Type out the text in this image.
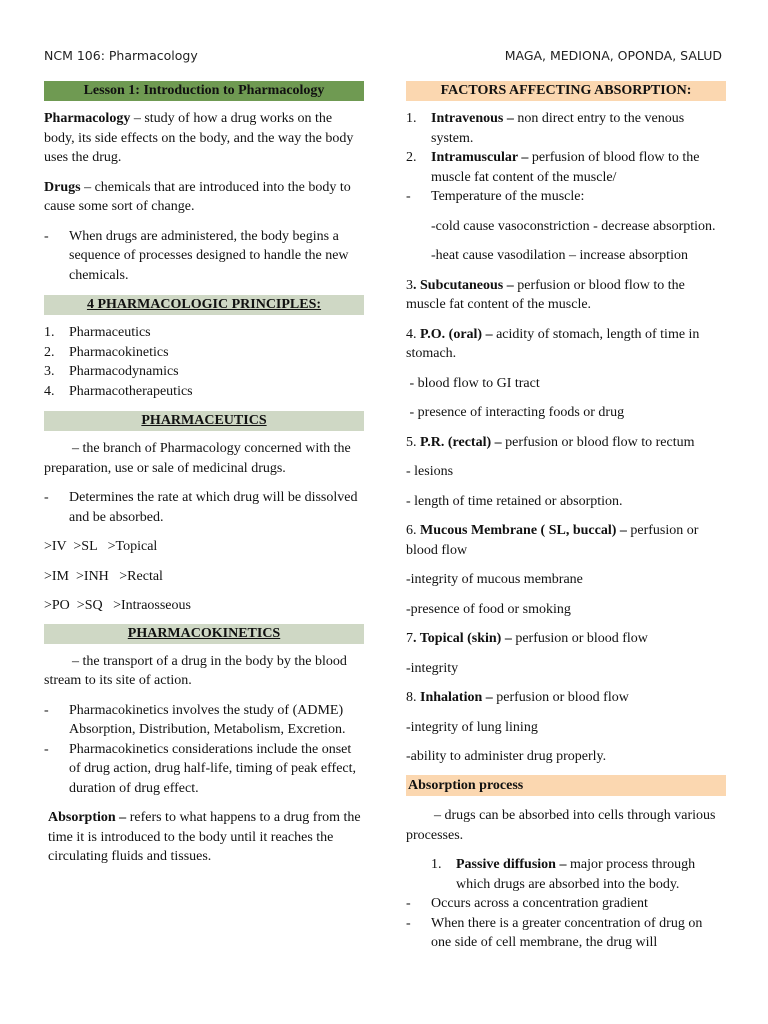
NCM 106: Pharmacology	MAGA, MEDIONA, OPONDA, SALUD
Lesson 1: Introduction to Pharmacology

Pharmacology – study of how a drug works on the body, its side effects on the body, and the way the body uses the drug.

Drugs – chemicals that are introduced into the body to cause some sort of change.

- When drugs are administered, the body begins a sequence of processes designed to handle the new chemicals.
4 PHARMACOLOGIC PRINCIPLES:
1. Pharmaceutics
2. Pharmacokinetics
3. Pharmacodynamics
4. Pharmacotherapeutics
PHARMACEUTICS

– the branch of Pharmacology concerned with the preparation, use or sale of medicinal drugs.

- Determines the rate at which drug will be dissolved and be absorbed.

>IV  >SL   >Topical

>IM  >INH   >Rectal

>PO  >SQ   >Intraosseous

PHARMACOKINETICS

– the transport of a drug in the body by the blood stream to its site of action.

- Pharmacokinetics involves the study of (ADME) Absorption, Distribution, Metabolism, Excretion.
- Pharmacokinetics considerations include the onset of drug action, drug half-life, timing of peak effect, duration of drug effect.

Absorption – refers to what happens to a drug from the time it is introduced to the body until it reaches the circulating fluids and tissues.

FACTORS AFFECTING ABSORPTION:
1. Intravenous – non direct entry to the venous system.
2. Intramuscular – perfusion of blood flow to the muscle fat content of the muscle/
- Temperature of the muscle:

-cold cause vasoconstriction - decrease absorption.

-heat cause vasodilation – increase absorption

3. Subcutaneous – perfusion or blood flow to the muscle fat content of the muscle.

4. P.O. (oral) – acidity of stomach, length of time in stomach.

- blood flow to GI tract

- presence of interacting foods or drug

5. P.R. (rectal) – perfusion or blood flow to rectum

- lesions

- length of time retained or absorption.

6. Mucous Membrane ( SL, buccal) – perfusion or blood flow

-integrity of mucous membrane

-presence of food or smoking

7. Topical (skin) – perfusion or blood flow

-integrity

8. Inhalation – perfusion or blood flow

-integrity of lung lining

-ability to administer drug properly.

Absorption process

– drugs can be absorbed into cells through various processes.

1. Passive diffusion – major process through which drugs are absorbed into the body.
- Occurs across a concentration gradient
- When there is a greater concentration of drug on one side of cell membrane, the drug will
